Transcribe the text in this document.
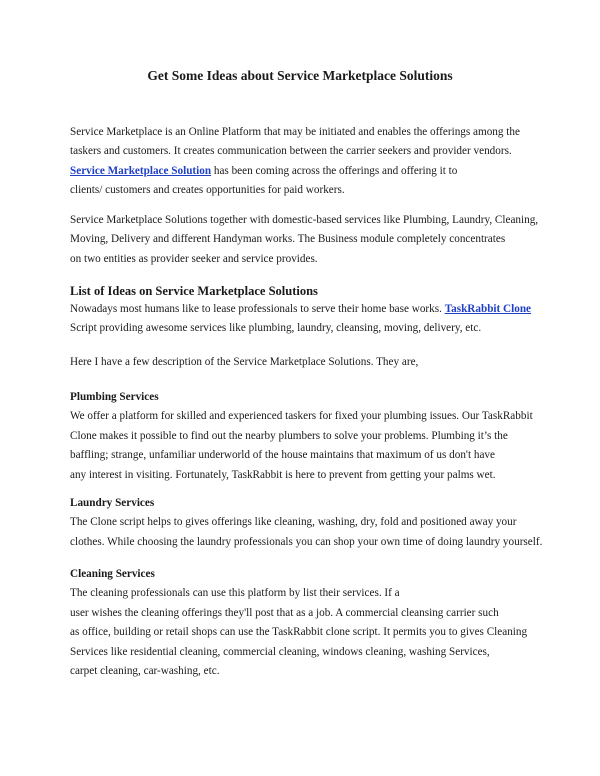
Get Some Ideas about Service Marketplace Solutions
Service Marketplace is an Online Platform that may be initiated and enables the offerings among the
taskers and customers. It creates communication between the carrier seekers and provider vendors.
Service Marketplace Solution has been coming across the offerings and offering it to
clients/ customers and creates opportunities for paid workers.
Service Marketplace Solutions together with domestic-based services like Plumbing, Laundry, Cleaning,
Moving, Delivery and different Handyman works. The Business module completely concentrates
on two entities as provider seeker and service provides.
List of Ideas on Service Marketplace Solutions
Nowadays most humans like to lease professionals to serve their home base works. TaskRabbit Clone
Script providing awesome services like plumbing, laundry, cleansing, moving, delivery, etc.
Here I have a few description of the Service Marketplace Solutions. They are,
Plumbing Services
We offer a platform for skilled and experienced taskers for fixed your plumbing issues. Our TaskRabbit
Clone makes it possible to find out the nearby plumbers to solve your problems. Plumbing it’s the
baffling; strange, unfamiliar underworld of the house maintains that maximum of us don't have
any interest in visiting. Fortunately, TaskRabbit is here to prevent from getting your palms wet.
Laundry Services
The Clone script helps to gives offerings like cleaning, washing, dry, fold and positioned away your
clothes. While choosing the laundry professionals you can shop your own time of doing laundry yourself.
Cleaning Services
The cleaning professionals can use this platform by list their services. If a
user wishes the cleaning offerings they'll post that as a job. A commercial cleansing carrier such
as office, building or retail shops can use the TaskRabbit clone script. It permits you to gives Cleaning
Services like residential cleaning, commercial cleaning, windows cleaning, washing Services,
carpet cleaning, car-washing, etc.
